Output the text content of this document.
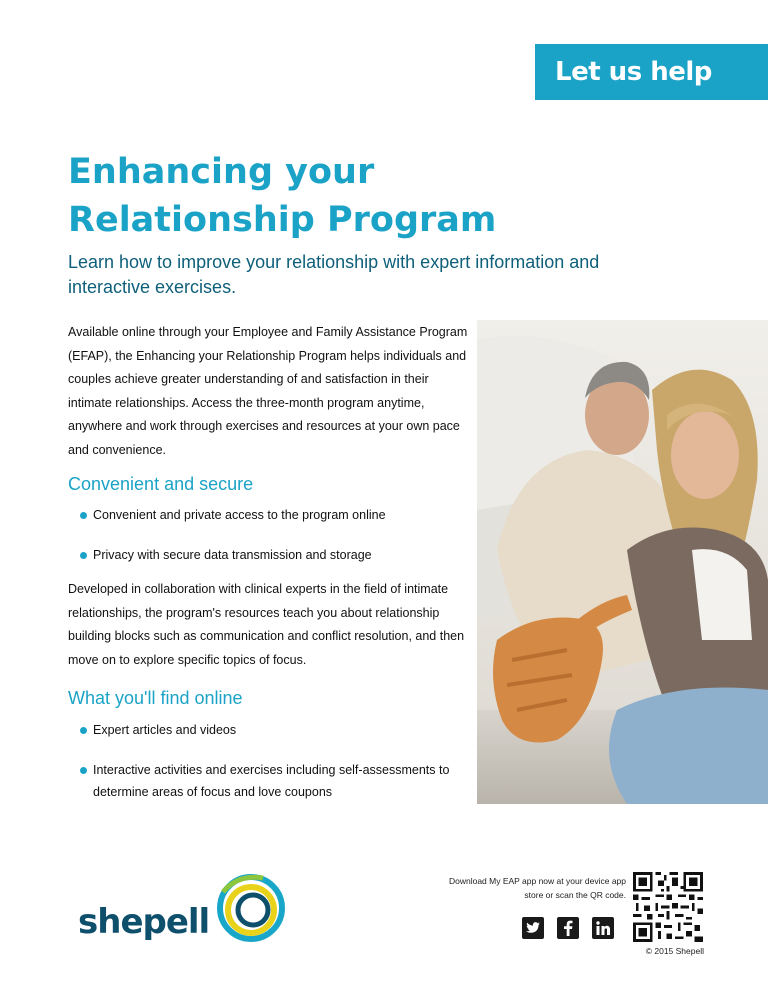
Let us help
Enhancing your Relationship Program

Learn how to improve your relationship with expert information and interactive exercises.

Available online through your Employee and Family Assistance Program (EFAP), the Enhancing your Relationship Program helps individuals and couples achieve greater understanding of and satisfaction in their intimate relationships. Access the three-month program anytime, anywhere and work through exercises and resources at your own pace and convenience.

Convenient and secure
Convenient and private access to the program online
Privacy with secure data transmission and storage

Developed in collaboration with clinical experts in the field of intimate relationships, the program's resources teach you about relationship building blocks such as communication and conflict resolution, and then move on to explore specific topics of focus.

What you'll find online
Expert articles and videos
Interactive activities and exercises including self-assessments to determine areas of focus and love coupons
shepell

Download My EAP app now at your device app store or scan the QR code.

© 2015 Shepell
